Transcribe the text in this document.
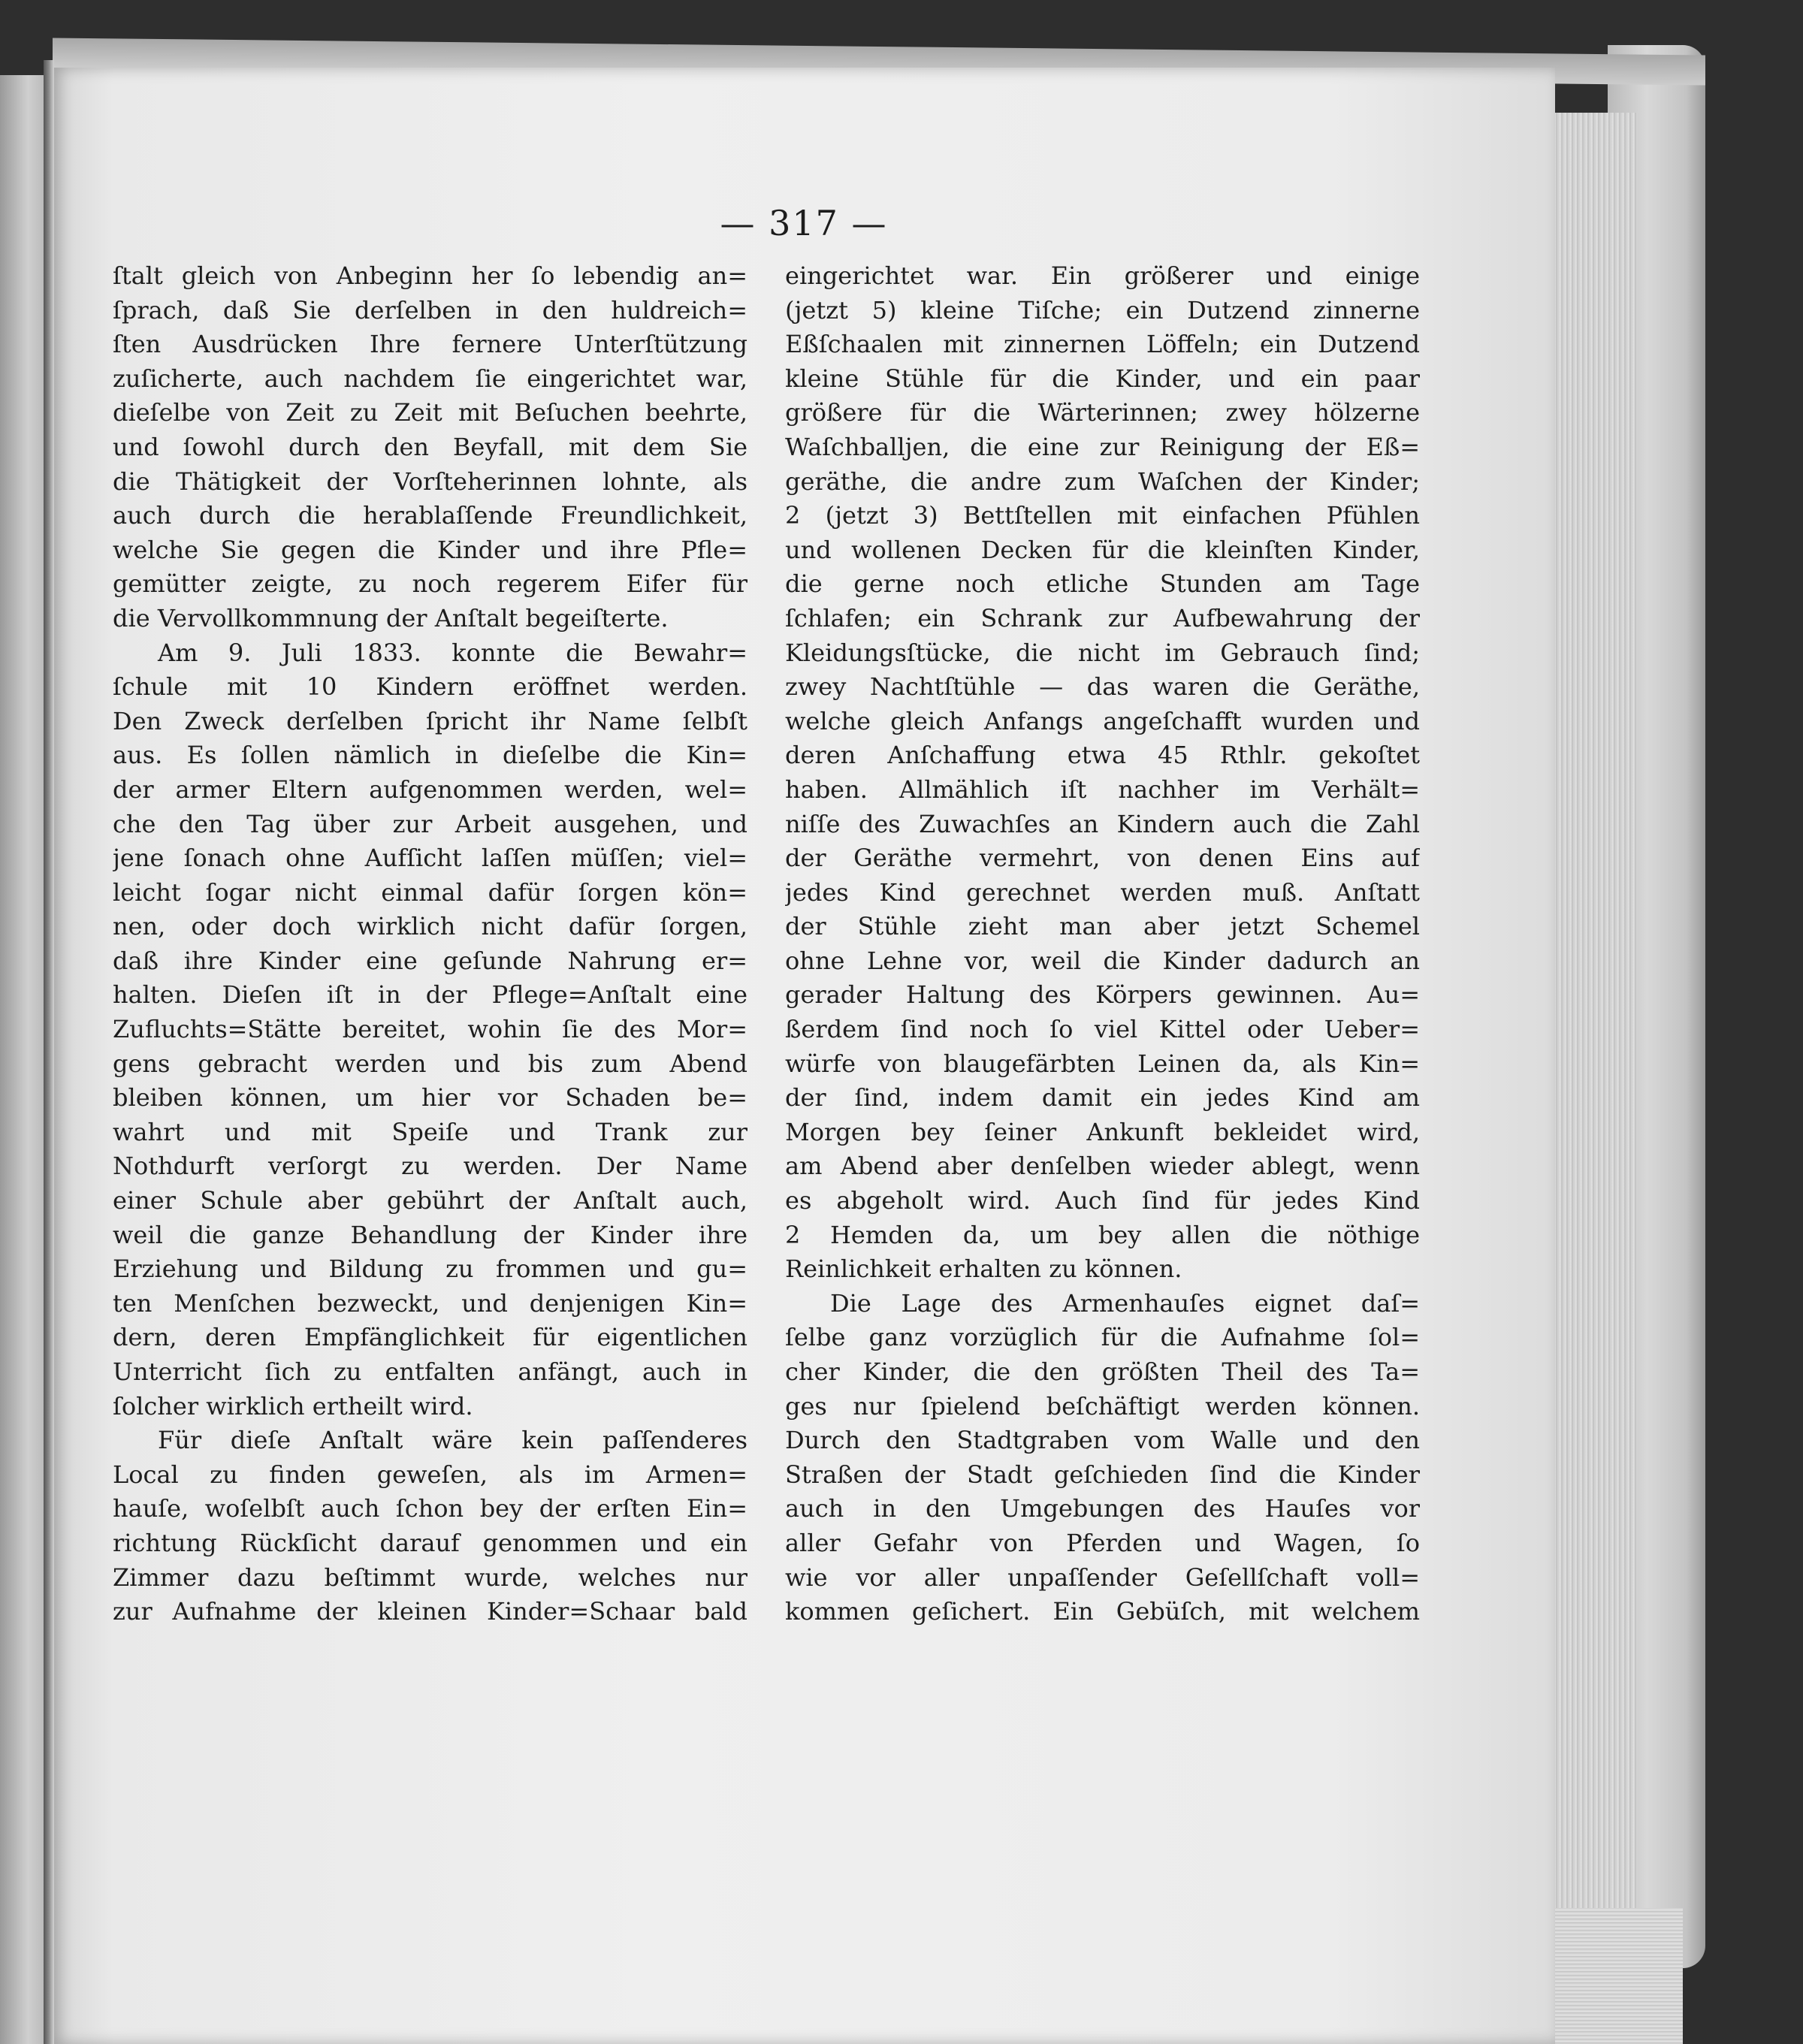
— 317 —
ſtalt gleich von Anbeginn her ſo lebendig an=
ſprach, daß Sie derſelben in den huldreich=
ſten Ausdrücken Ihre fernere Unterſtützung
zuſicherte, auch nachdem ſie eingerichtet war,
dieſelbe von Zeit zu Zeit mit Beſuchen beehrte,
und ſowohl durch den Beyfall, mit dem Sie
die Thätigkeit der Vorſteherinnen lohnte, als
auch durch die herablaſſende Freundlichkeit,
welche Sie gegen die Kinder und ihre Pfle=
gemütter zeigte, zu noch regerem Eifer für
die Vervollkommnung der Anſtalt begeiſterte.
Am 9. Juli 1833. konnte die Bewahr=
ſchule mit 10 Kindern eröffnet werden.
Den Zweck derſelben ſpricht ihr Name ſelbſt
aus. Es ſollen nämlich in dieſelbe die Kin=
der armer Eltern aufgenommen werden, wel=
che den Tag über zur Arbeit ausgehen, und
jene ſonach ohne Aufſicht laſſen müſſen; viel=
leicht ſogar nicht einmal dafür ſorgen kön=
nen, oder doch wirklich nicht dafür ſorgen,
daß ihre Kinder eine geſunde Nahrung er=
halten. Dieſen iſt in der Pflege=Anſtalt eine
Zufluchts=Stätte bereitet, wohin ſie des Mor=
gens gebracht werden und bis zum Abend
bleiben können, um hier vor Schaden be=
wahrt und mit Speiſe und Trank zur
Nothdurft verſorgt zu werden. Der Name
einer Schule aber gebührt der Anſtalt auch,
weil die ganze Behandlung der Kinder ihre
Erziehung und Bildung zu frommen und gu=
ten Menſchen bezweckt, und denjenigen Kin=
dern, deren Empfänglichkeit für eigentlichen
Unterricht ſich zu entfalten anfängt, auch in
ſolcher wirklich ertheilt wird.
Für dieſe Anſtalt wäre kein paſſenderes
Local zu finden geweſen, als im Armen=
hauſe, woſelbſt auch ſchon bey der erſten Ein=
richtung Rückſicht darauf genommen und ein
Zimmer dazu beſtimmt wurde, welches nur
zur Aufnahme der kleinen Kinder=Schaar bald
eingerichtet war. Ein größerer und einige
(jetzt 5) kleine Tiſche; ein Dutzend zinnerne
Eßſchaalen mit zinnernen Löffeln; ein Dutzend
kleine Stühle für die Kinder, und ein paar
größere für die Wärterinnen; zwey hölzerne
Waſchballjen, die eine zur Reinigung der Eß=
geräthe, die andre zum Waſchen der Kinder;
2 (jetzt 3) Bettſtellen mit einfachen Pfühlen
und wollenen Decken für die kleinſten Kinder,
die gerne noch etliche Stunden am Tage
ſchlafen; ein Schrank zur Aufbewahrung der
Kleidungsſtücke, die nicht im Gebrauch ſind;
zwey Nachtſtühle — das waren die Geräthe,
welche gleich Anfangs angeſchafft wurden und
deren Anſchaffung etwa 45 Rthlr. gekoſtet
haben. Allmählich iſt nachher im Verhält=
niſſe des Zuwachſes an Kindern auch die Zahl
der Geräthe vermehrt, von denen Eins auf
jedes Kind gerechnet werden muß. Anſtatt
der Stühle zieht man aber jetzt Schemel
ohne Lehne vor, weil die Kinder dadurch an
gerader Haltung des Körpers gewinnen. Au=
ßerdem ſind noch ſo viel Kittel oder Ueber=
würfe von blaugefärbten Leinen da, als Kin=
der ſind, indem damit ein jedes Kind am
Morgen bey ſeiner Ankunft bekleidet wird,
am Abend aber denſelben wieder ablegt, wenn
es abgeholt wird. Auch ſind für jedes Kind
2 Hemden da, um bey allen die nöthige
Reinlichkeit erhalten zu können.
Die Lage des Armenhauſes eignet daſ=
ſelbe ganz vorzüglich für die Aufnahme ſol=
cher Kinder, die den größten Theil des Ta=
ges nur ſpielend beſchäftigt werden können.
Durch den Stadtgraben vom Walle und den
Straßen der Stadt geſchieden ſind die Kinder
auch in den Umgebungen des Hauſes vor
aller Gefahr von Pferden und Wagen, ſo
wie vor aller unpaſſender Geſellſchaft voll=
kommen geſichert. Ein Gebüſch, mit welchem
